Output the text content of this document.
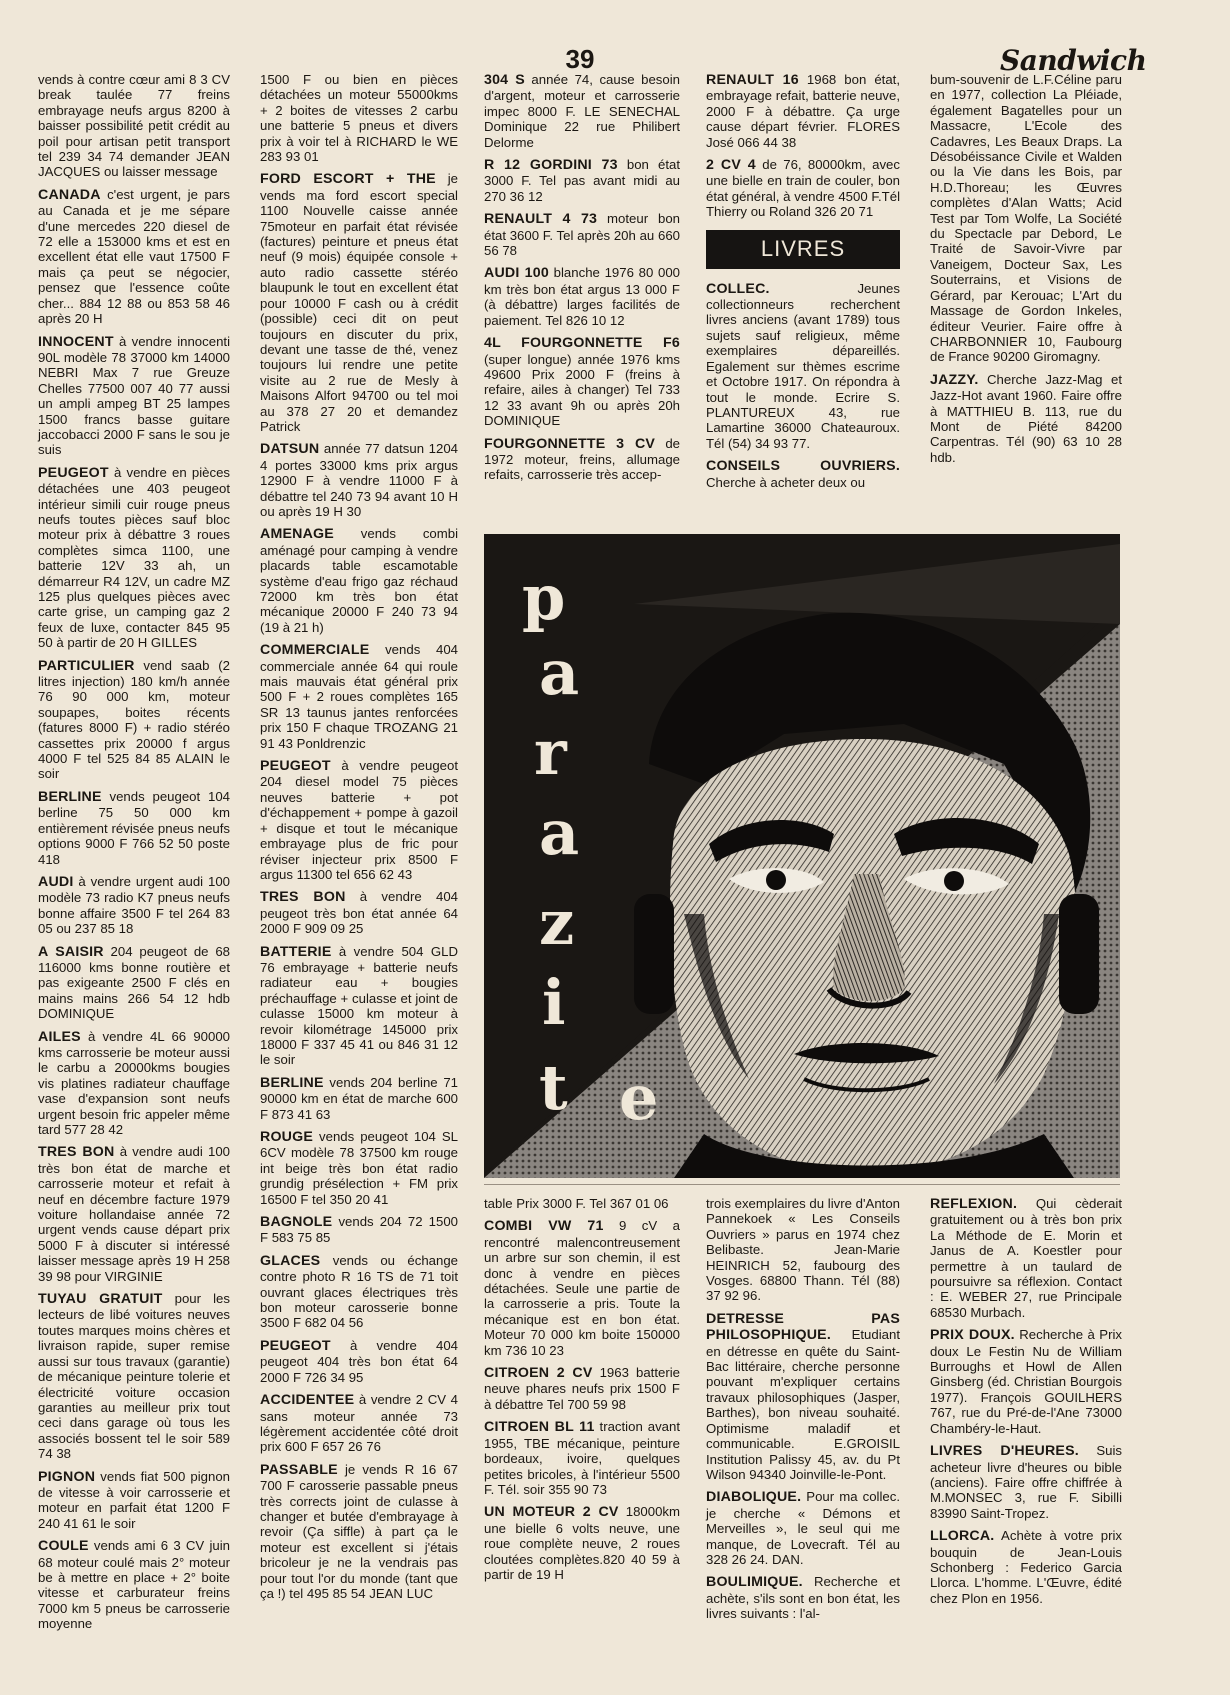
39	Sandwich

vends à contre cœur ami 8 3 CV break taulée 77 freins embrayage neufs argus 8200 à baisser possibilité petit crédit au poil pour artisan petit transport tel 239 34 74 demander JEAN JACQUES ou laisser message

CANADA c'est urgent, je pars au Canada et je me sépare d'une mercedes 220 diesel de 72 elle a 153000 kms et est en excellent état elle vaut 17500 F mais ça peut se négocier, pensez que l'essence coûte cher... 884 12 88 ou 853 58 46 après 20 H

INNOCENT à vendre innocenti 90L modèle 78 37000 km 14000 NEBRI Max 7 rue Greuze Chelles 77500 007 40 77 aussi un ampli ampeg BT 25 lampes 1500 francs basse guitare jaccobacci 2000 F sans le sou je suis

PEUGEOT à vendre en pièces détachées une 403 peugeot intérieur simili cuir rouge pneus neufs toutes pièces sauf bloc moteur prix à débattre 3 roues complètes simca 1100, une batterie 12V 33 ah, un démarreur R4 12V, un cadre MZ 125 plus quelques pièces avec carte grise, un camping gaz 2 feux de luxe, contacter 845 95 50 à partir de 20 H GILLES

PARTICULIER vend saab (2 litres injection) 180 km/h année 76 90 000 km, moteur soupapes, boites récents (fatures 8000 F) + radio stéréo cassettes prix 20000 f argus 4000 F tel 525 84 85 ALAIN le soir

BERLINE vends peugeot 104 berline 75 50 000 km entièrement révisée pneus neufs options 9000 F 766 52 50 poste 418

AUDI à vendre urgent audi 100 modèle 73 radio K7 pneus neufs bonne affaire 3500 F tel 264 83 05 ou 237 85 18

A SAISIR 204 peugeot de 68 116000 kms bonne routière et pas exigeante 2500 F clés en mains mains 266 54 12 hdb DOMINIQUE

AILES à vendre 4L 66 90000 kms carrosserie be moteur aussi le carbu a 20000kms bougies vis platines radiateur chauffage vase d'expansion sont neufs urgent besoin fric appeler même tard 577 28 42

TRES BON à vendre audi 100 très bon état de marche et carrosserie moteur et refait à neuf en décembre facture 1979 voiture hollandaise année 72 urgent vends cause départ prix 5000 F à discuter si intéressé laisser message après 19 H 258 39 98 pour VIRGINIE

TUYAU GRATUIT pour les lecteurs de libé voitures neuves toutes marques moins chères et livraison rapide, super remise aussi sur tous travaux (garantie) de mécanique peinture tolerie et électricité voiture occasion garanties au meilleur prix tout ceci dans garage où tous les associés bossent tel le soir 589 74 38

PIGNON vends fiat 500 pignon de vitesse à voir carrosserie et moteur en parfait état 1200 F 240 41 61 le soir

COULE vends ami 6 3 CV juin 68 moteur coulé mais 2° moteur be à mettre en place + 2° boite vitesse et carburateur freins 7000 km 5 pneus be carrosserie moyenne

1500 F ou bien en pièces détachées un moteur 55000kms + 2 boites de vitesses 2 carbu une batterie 5 pneus et divers prix à voir tel à RICHARD le WE 283 93 01

FORD ESCORT + THE je vends ma ford escort special 1100 Nouvelle caisse année 75moteur en parfait état révisée (factures) peinture et pneus état neuf (9 mois) équipée console + auto radio cassette stéréo blaupunk le tout en excellent état pour 10000 F cash ou à crédit (possible) ceci dit on peut toujours en discuter du prix, devant une tasse de thé, venez toujours lui rendre une petite visite au 2 rue de Mesly à Maisons Alfort 94700 ou tel moi au 378 27 20 et demandez Patrick

DATSUN année 77 datsun 1204 4 portes 33000 kms prix argus 12900 F à vendre 11000 F à débattre tel 240 73 94 avant 10 H ou après 19 H 30

AMENAGE vends combi aménagé pour camping à vendre placards table escamotable système d'eau frigo gaz réchaud 72000 km très bon état mécanique 20000 F 240 73 94 (19 à 21 h)

COMMERCIALE vends 404 commerciale année 64 qui roule mais mauvais état général prix 500 F + 2 roues complètes 165 SR 13 taunus jantes renforcées prix 150 F chaque TROZANG 21 91 43 Ponldrenzic

PEUGEOT à vendre peugeot 204 diesel model 75 pièces neuves batterie + pot d'échappement + pompe à gazoil + disque et tout le mécanique embrayage plus de fric pour réviser injecteur prix 8500 F argus 11300 tel 656 62 43

TRES BON à vendre 404 peugeot très bon état année 64 2000 F 909 09 25

BATTERIE à vendre 504 GLD 76 embrayage + batterie neufs radiateur eau + bougies préchauffage + culasse et joint de culasse 15000 km moteur à revoir kilométrage 145000 prix 18000 F 337 45 41 ou 846 31 12 le soir

BERLINE vends 204 berline 71 90000 km en état de marche 600 F 873 41 63

ROUGE vends peugeot 104 SL 6CV modèle 78 37500 km rouge int beige très bon état radio grundig présélection + FM prix 16500 F tel 350 20 41

BAGNOLE vends 204 72 1500 F 583 75 85

GLACES vends ou échange contre photo R 16 TS de 71 toit ouvrant glaces électriques très bon moteur carosserie bonne 3500 F 682 04 56

PEUGEOT à vendre 404 peugeot 404 très bon état 64 2000 F 726 34 95

ACCIDENTEE à vendre 2 CV 4 sans moteur année 73 légèrement accidentée côté droit prix 600 F 657 26 76

PASSABLE je vends R 16 67 700 F carosserie passable pneus très corrects joint de culasse à changer et butée d'embrayage à revoir (Ça siffle) à part ça le moteur est excellent si j'étais bricoleur je ne la vendrais pas pour tout l'or du monde (tant que ça !) tel 495 85 54 JEAN LUC

304 S année 74, cause besoin d'argent, moteur et carrosserie impec 8000 F. LE SENECHAL Dominique 22 rue Philibert Delorme

R 12 GORDINI 73 bon état 3000 F. Tel pas avant midi au 270 36 12

RENAULT 4 73 moteur bon état 3600 F. Tel après 20h au 660 56 78

AUDI 100 blanche 1976 80 000 km très bon état argus 13 000 F (à débattre) larges facilités de paiement. Tel 826 10 12

4L FOURGONNETTE F6 (super longue) année 1976 kms 49600 Prix 2000 F (freins à refaire, ailes à changer) Tel 733 12 33 avant 9h ou après 20h DOMINIQUE

FOURGONNETTE 3 CV de 1972 moteur, freins, allumage refaits, carrosserie très accep-

RENAULT 16 1968 bon état, embrayage refait, batterie neuve, 2000 F à débattre. Ça urge cause départ février. FLORES José 066 44 38

2 CV 4 de 76, 80000km, avec une bielle en train de couler, bon état général, à vendre 4500 F.Tél Thierry ou Roland 326 20 71

LIVRES

COLLEC. Jeunes collectionneurs recherchent livres anciens (avant 1789) tous sujets sauf religieux, même exemplaires dépareillés. Egalement sur thèmes escrime et Octobre 1917. On répondra à tout le monde. Ecrire S. PLANTUREUX 43, rue Lamartine 36000 Chateauroux. Tél (54) 34 93 77.

CONSEILS OUVRIERS. Cherche à acheter deux ou

bum-souvenir de L.F.Céline paru en 1977, collection La Pléiade, également Bagatelles pour un Massacre, L'Ecole des Cadavres, Les Beaux Draps. La Désobéissance Civile et Walden ou la Vie dans les Bois, par H.D.Thoreau; les Œuvres complètes d'Alan Watts; Acid Test par Tom Wolfe, La Société du Spectacle par Debord, Le Traité de Savoir-Vivre par Vaneigem, Docteur Sax, Les Souterrains, et Visions de Gérard, par Kerouac; L'Art du Massage de Gordon Inkeles, éditeur Veurier. Faire offre à CHARBONNIER 10, Faubourg de France 90200 Giromagny.

JAZZY. Cherche Jazz-Mag et Jazz-Hot avant 1960. Faire offre à MATTHIEU B. 113, rue du Mont de Piété 84200 Carpentras. Tél (90) 63 10 28 hdb.

p
a
r
a
z
i
t e

table Prix 3000 F. Tel 367 01 06

COMBI VW 71 9 cV a rencontré malencontreusement un arbre sur son chemin, il est donc à vendre en pièces détachées. Seule une partie de la carrosserie a pris. Toute la mécanique est en bon état. Moteur 70 000 km boite 150000 km 736 10 23

CITROEN 2 CV 1963 batterie neuve phares neufs prix 1500 F à débattre Tel 700 59 98

CITROEN BL 11 traction avant 1955, TBE mécanique, peinture bordeaux, ivoire, quelques petites bricoles, à l'intérieur 5500 F. Tél. soir 355 90 73

UN MOTEUR 2 CV 18000km une bielle 6 volts neuve, une roue complète neuve, 2 roues cloutées complètes.820 40 59 à partir de 19 H

trois exemplaires du livre d'Anton Pannekoek « Les Conseils Ouvriers » parus en 1974 chez Belibaste. Jean-Marie HEINRICH 52, faubourg des Vosges. 68800 Thann. Tél (88) 37 92 96.

DETRESSE PAS PHILOSOPHIQUE. Etudiant en détresse en quête du Saint-Bac littéraire, cherche personne pouvant m'expliquer certains travaux philosophiques (Jasper, Barthes), bon niveau souhaité. Optimisme maladif et communicable. E.GROISIL Institution Palissy 45, av. du Pt Wilson 94340 Joinville-le-Pont.

DIABOLIQUE. Pour ma collec. je cherche « Démons et Merveilles », le seul qui me manque, de Lovecraft. Tél au 328 26 24. DAN.

BOULIMIQUE. Recherche et achète, s'ils sont en bon état, les livres suivants : l'al-

REFLEXION. Qui cèderait gratuitement ou à très bon prix La Méthode de E. Morin et Janus de A. Koestler pour permettre à un taulard de poursuivre sa réflexion. Contact : E. WEBER 27, rue Principale 68530 Murbach.

PRIX DOUX. Recherche à Prix doux Le Festin Nu de William Burroughs et Howl de Allen Ginsberg (éd. Christian Bourgois 1977). François GOUILHERS 767, rue du Pré-de-l'Ane 73000 Chambéry-le-Haut.

LIVRES D'HEURES. Suis acheteur livre d'heures ou bible (anciens). Faire offre chiffrée à M.MONSEC 3, rue F. Sibilli 83990 Saint-Tropez.

LLORCA. Achète à votre prix bouquin de Jean-Louis Schonberg : Federico Garcia Llorca. L'homme. L'Œuvre, édité chez Plon en 1956.
